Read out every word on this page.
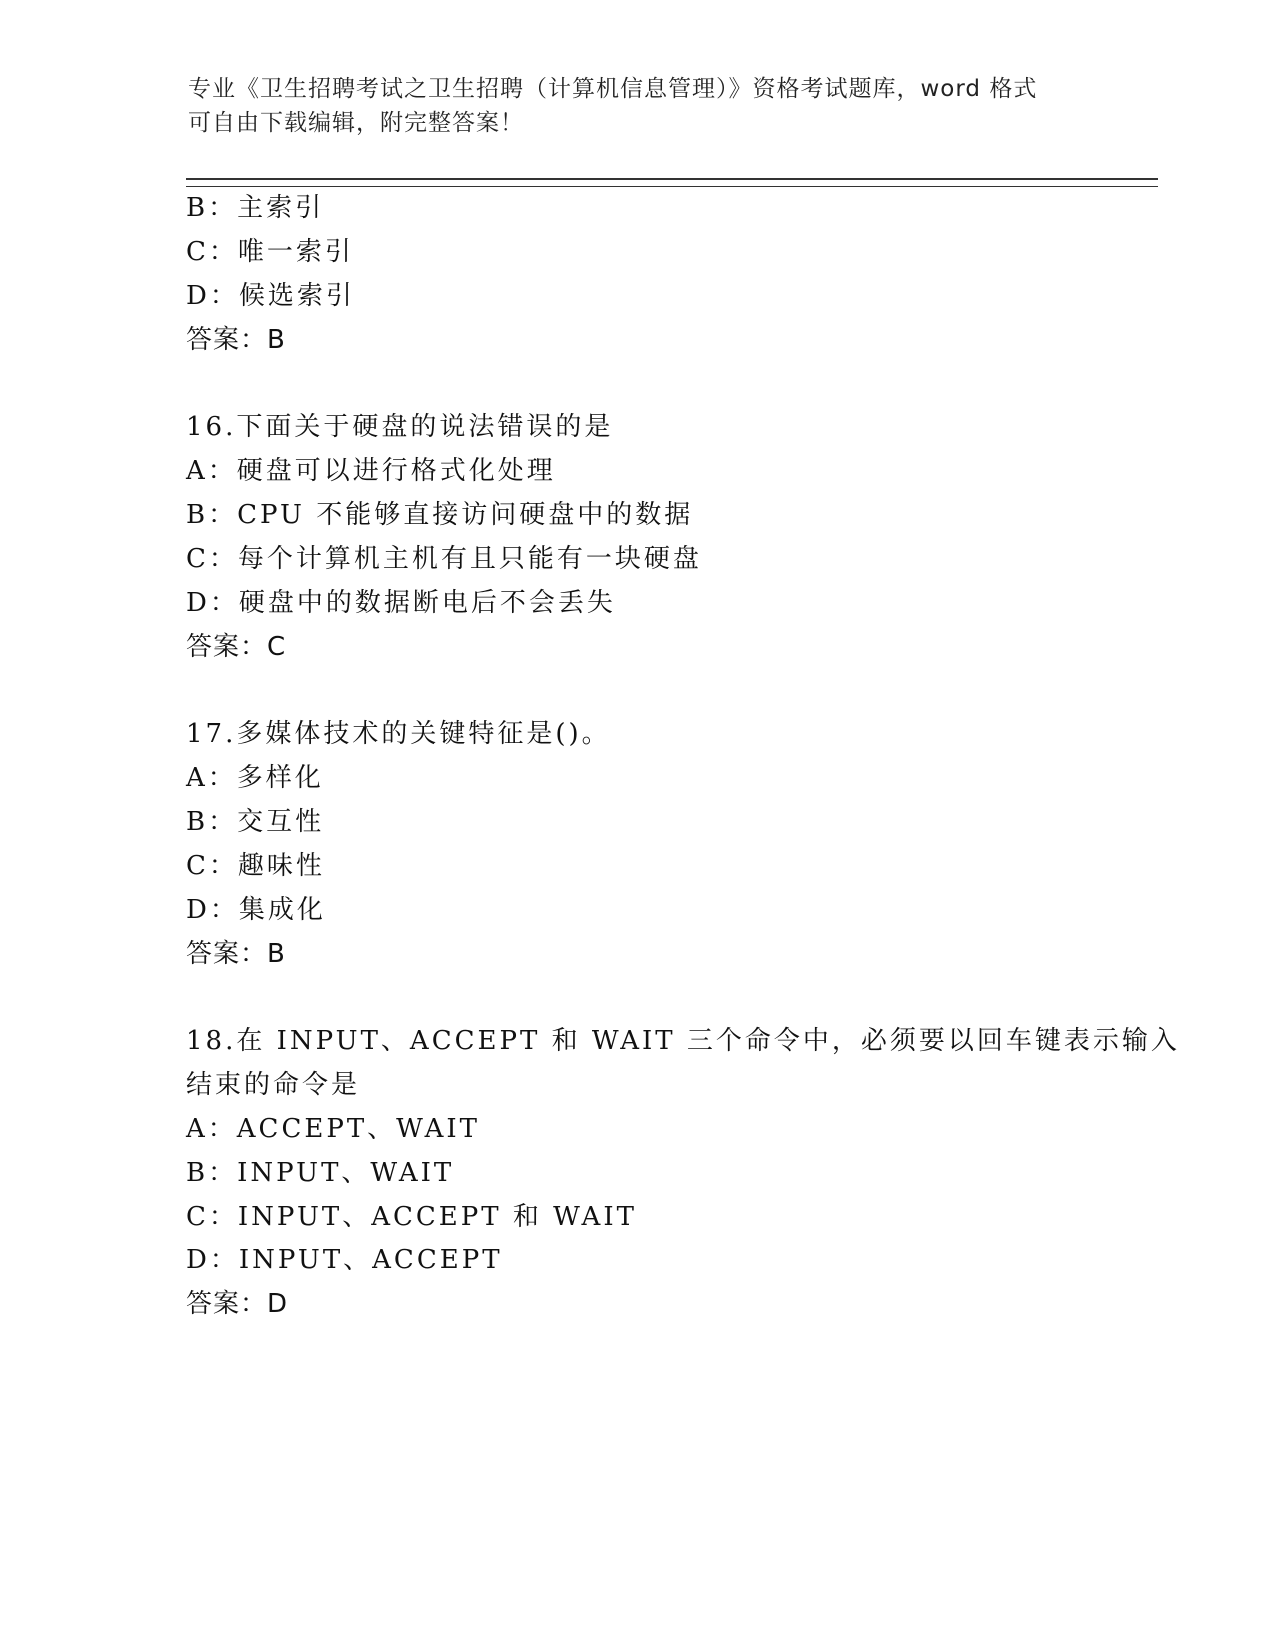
专业《卫生招聘考试之卫生招聘（计算机信息管理）》资格考试题库，word 格式
可自由下载编辑，附完整答案！
B：主索引
C：唯一索引
D：候选索引
答案：B
16.下面关于硬盘的说法错误的是
A：硬盘可以进行格式化处理
B：CPU 不能够直接访问硬盘中的数据
C：每个计算机主机有且只能有一块硬盘
D：硬盘中的数据断电后不会丢失
答案：C
17.多媒体技术的关键特征是()。
A：多样化
B：交互性
C：趣味性
D：集成化
答案：B
18.在 INPUT、ACCEPT 和 WAIT 三个命令中，必须要以回车键表示输入
结束的命令是
A：ACCEPT、WAIT
B：INPUT、WAIT
C：INPUT、ACCEPT 和 WAIT
D：INPUT、ACCEPT
答案：D
